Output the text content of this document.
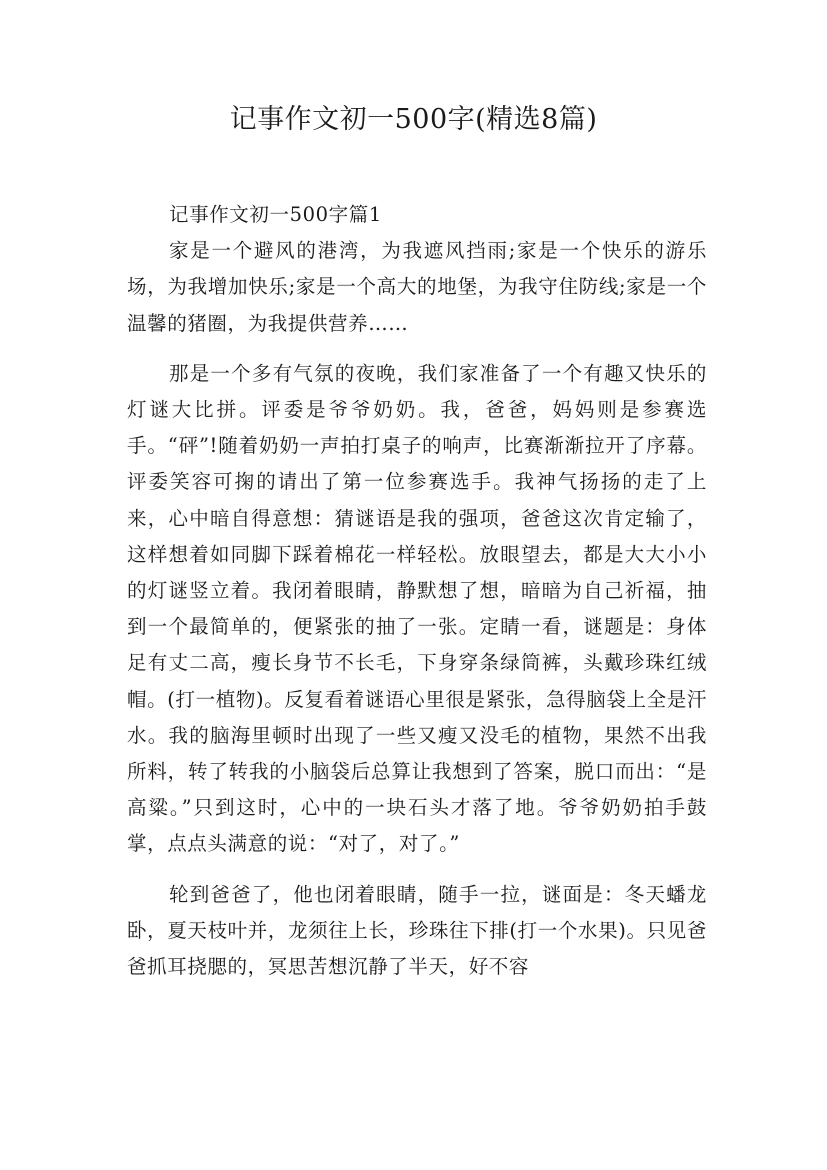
记事作文初一500字(精选8篇)
记事作文初一500字篇1

家是一个避风的港湾，为我遮风挡雨;家是一个快乐的游乐场，为我增加快乐;家是一个高大的地堡，为我守住防线;家是一个温馨的猪圈，为我提供营养……

那是一个多有气氛的夜晚，我们家准备了一个有趣又快乐的灯谜大比拼。评委是爷爷奶奶。我，爸爸，妈妈则是参赛选手。“砰”!随着奶奶一声拍打桌子的响声，比赛渐渐拉开了序幕。评委笑容可掬的请出了第一位参赛选手。我神气扬扬的走了上来，心中暗自得意想：猜谜语是我的强项，爸爸这次肯定输了，这样想着如同脚下踩着棉花一样轻松。放眼望去，都是大大小小的灯谜竖立着。我闭着眼睛，静默想了想，暗暗为自己祈福，抽到一个最简单的，便紧张的抽了一张。定睛一看，谜题是：身体足有丈二高，瘦长身节不长毛，下身穿条绿筒裤，头戴珍珠红绒帽。(打一植物)。反复看着谜语心里很是紧张，急得脑袋上全是汗水。我的脑海里顿时出现了一些又瘦又没毛的植物，果然不出我所料，转了转我的小脑袋后总算让我想到了答案，脱口而出：“是高粱。”只到这时，心中的一块石头才落了地。爷爷奶奶拍手鼓掌，点点头满意的说：“对了，对了。”

轮到爸爸了，他也闭着眼睛，随手一拉，谜面是：冬天蟠龙卧，夏天枝叶并，龙须往上长，珍珠往下排(打一个水果)。只见爸爸抓耳挠腮的，冥思苦想沉静了半天，好不容
